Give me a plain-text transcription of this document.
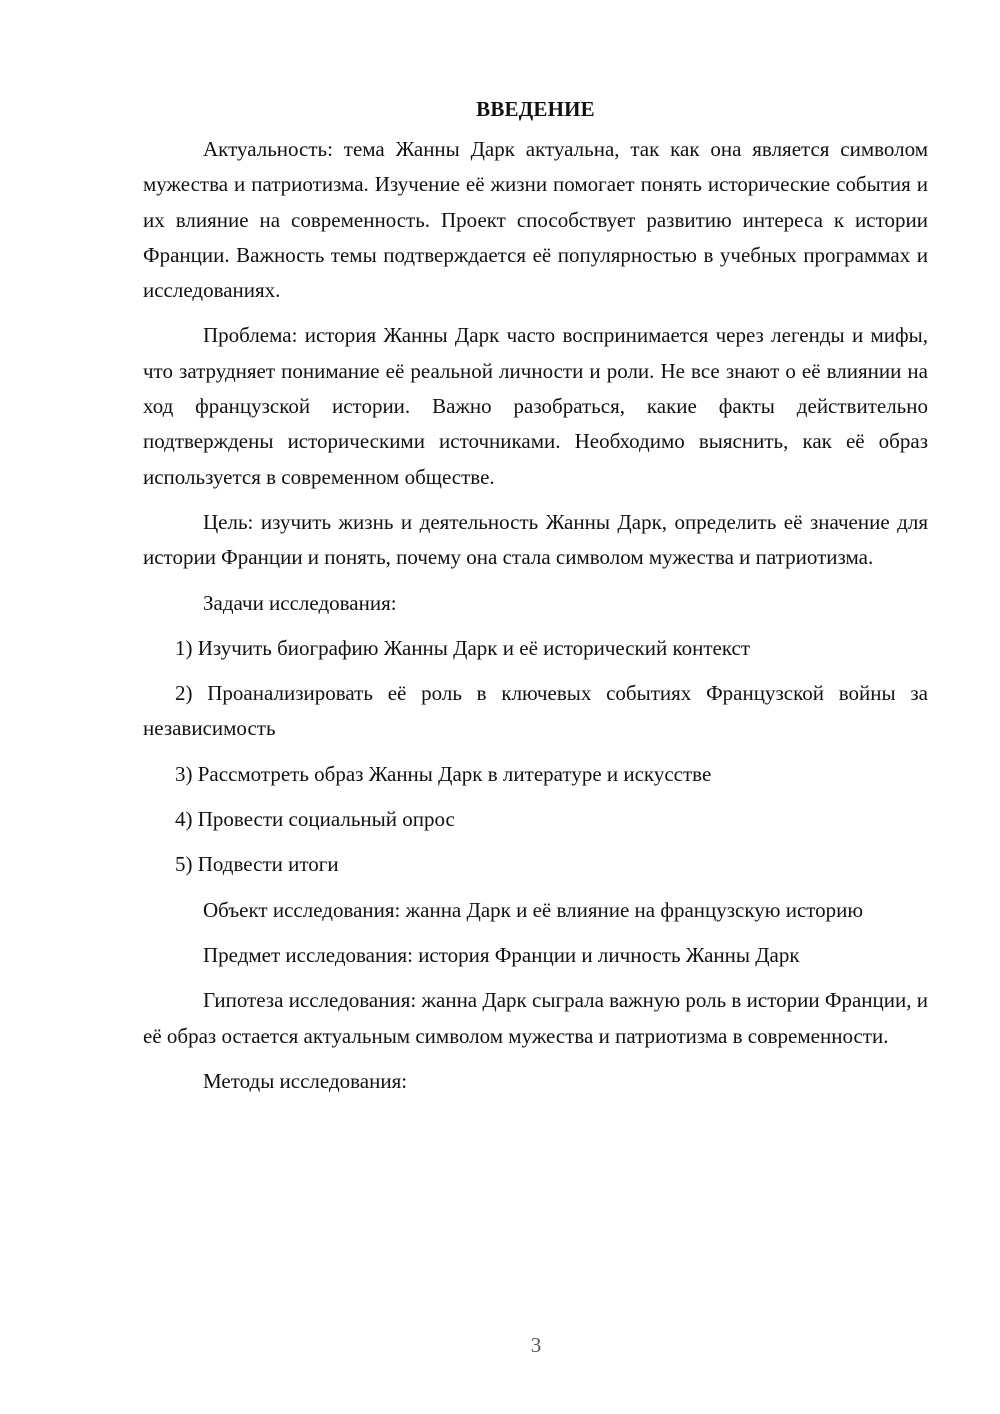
ВВЕДЕНИЕ

Актуальность: тема Жанны Дарк актуальна, так как она является символом мужества и патриотизма. Изучение её жизни помогает понять исторические события и их влияние на современность. Проект способствует развитию интереса к истории Франции. Важность темы подтверждается её популярностью в учебных программах и исследованиях.

Проблема: история Жанны Дарк часто воспринимается через легенды и мифы, что затрудняет понимание её реальной личности и роли. Не все знают о её влиянии на ход французской истории. Важно разобраться, какие факты действительно подтверждены историческими источниками. Необходимо выяснить, как её образ используется в современном обществе.

Цель: изучить жизнь и деятельность Жанны Дарк, определить её значение для истории Франции и понять, почему она стала символом мужества и патриотизма.

Задачи исследования:

1) Изучить биографию Жанны Дарк и её исторический контекст

2) Проанализировать её роль в ключевых событиях Французской войны за независимость

3) Рассмотреть образ Жанны Дарк в литературе и искусстве

4) Провести социальный опрос

5) Подвести итоги

Объект исследования: жанна Дарк и её влияние на французскую историю

Предмет исследования: история Франции и личность Жанны Дарк

Гипотеза исследования: жанна Дарк сыграла важную роль в истории Франции, и её образ остается актуальным символом мужества и патриотизма в современности.

Методы исследования:

3
